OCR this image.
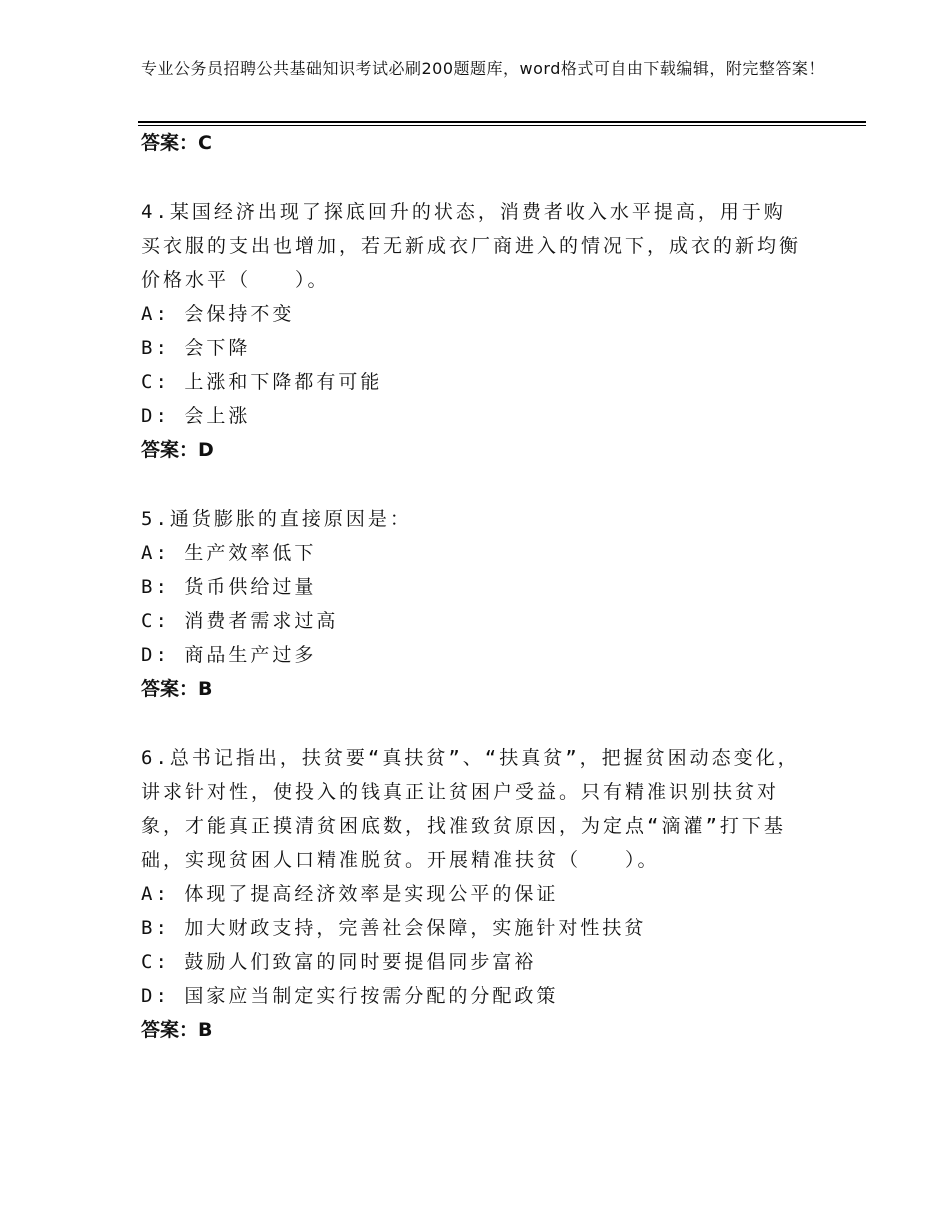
专业公务员招聘公共基础知识考试必刷200题题库，word格式可自由下载编辑，附完整答案！
答案：C

4.某国经济出现了探底回升的状态，消费者收入水平提高，用于购买衣服的支出也增加，若无新成衣厂商进入的情况下，成衣的新均衡价格水平（　　）。

A: 会保持不变

B: 会下降

C: 上涨和下降都有可能

D: 会上涨

答案：D

5.通货膨胀的直接原因是：

A: 生产效率低下

B: 货币供给过量

C: 消费者需求过高

D: 商品生产过多

答案：B

6.总书记指出，扶贫要“真扶贫”、“扶真贫”，把握贫困动态变化，讲求针对性，使投入的钱真正让贫困户受益。只有精准识别扶贫对象，才能真正摸清贫困底数，找准致贫原因，为定点“滴灌”打下基础，实现贫困人口精准脱贫。开展精准扶贫（　　）。

A: 体现了提高经济效率是实现公平的保证

B: 加大财政支持，完善社会保障，实施针对性扶贫

C: 鼓励人们致富的同时要提倡同步富裕

D: 国家应当制定实行按需分配的分配政策

答案：B
